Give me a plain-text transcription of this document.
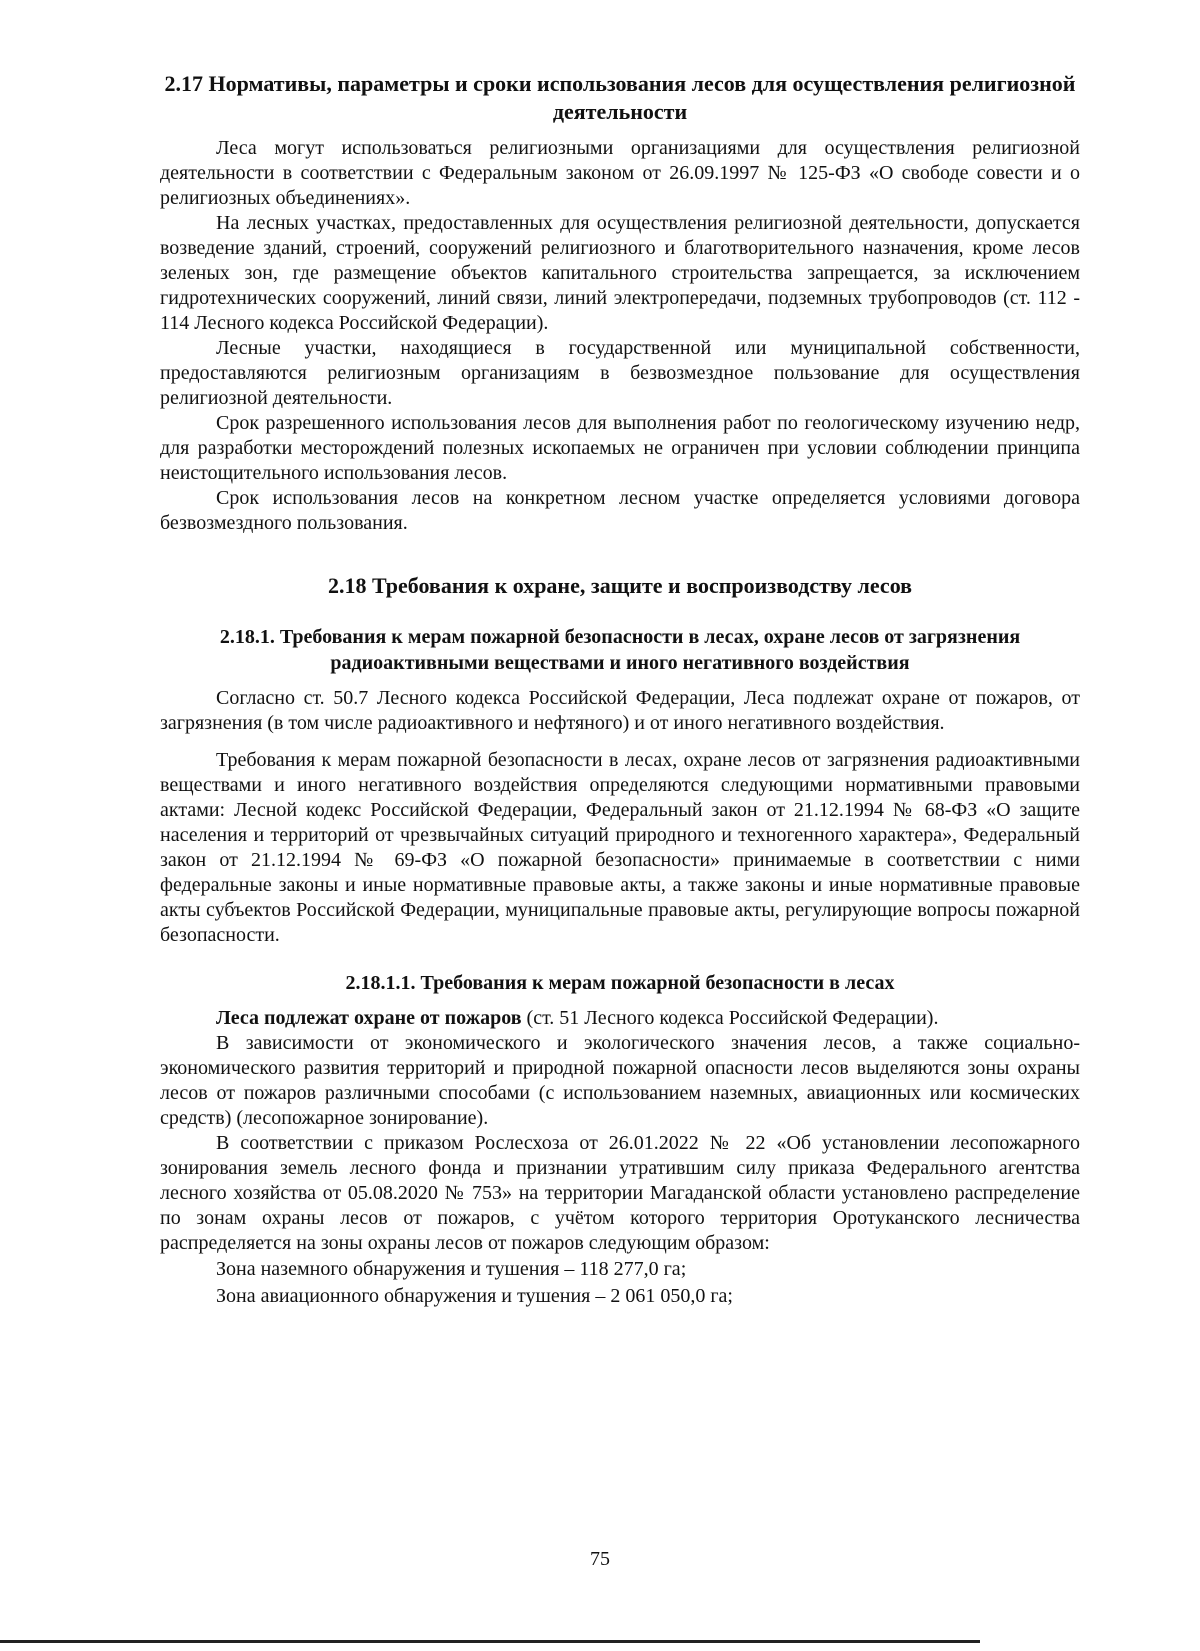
2.17 Нормативы, параметры и сроки использования лесов для осуществления религиозной деятельности

Леса могут использоваться религиозными организациями для осуществления религиозной деятельности в соответствии с Федеральным законом от 26.09.1997 № 125-ФЗ «О свободе совести и о религиозных объединениях».

На лесных участках, предоставленных для осуществления религиозной деятельности, допускается возведение зданий, строений, сооружений религиозного и благотворительного назначения, кроме лесов зеленых зон, где размещение объектов капитального строительства запрещается, за исключением гидротехнических сооружений, линий связи, линий электропередачи, подземных трубопроводов (ст. 112 - 114 Лесного кодекса Российской Федерации).

Лесные участки, находящиеся в государственной или муниципальной собственности, предоставляются религиозным организациям в безвозмездное пользование для осуществления религиозной деятельности.

Срок разрешенного использования лесов для выполнения работ по геологическому изучению недр, для разработки месторождений полезных ископаемых не ограничен при условии соблюдении принципа неистощительного использования лесов.

Срок использования лесов на конкретном лесном участке определяется условиями договора безвозмездного пользования.

2.18 Требования к охране, защите и воспроизводству лесов
2.18.1. Требования к мерам пожарной безопасности в лесах, охране лесов от загрязнения радиоактивными веществами и иного негативного воздействия

Согласно ст. 50.7 Лесного кодекса Российской Федерации, Леса подлежат охране от пожаров, от загрязнения (в том числе радиоактивного и нефтяного) и от иного негативного воздействия.

Требования к мерам пожарной безопасности в лесах, охране лесов от загрязнения радиоактивными веществами и иного негативного воздействия определяются следующими нормативными правовыми актами: Лесной кодекс Российской Федерации, Федеральный закон от 21.12.1994 № 68-ФЗ «О защите населения и территорий от чрезвычайных ситуаций природного и техногенного характера», Федеральный закон от 21.12.1994 № 69-ФЗ «О пожарной безопасности» принимаемые в соответствии с ними федеральные законы и иные нормативные правовые акты, а также законы и иные нормативные правовые акты субъектов Российской Федерации, муниципальные правовые акты, регулирующие вопросы пожарной безопасности.

2.18.1.1. Требования к мерам пожарной безопасности в лесах

Леса подлежат охране от пожаров (ст. 51 Лесного кодекса Российской Федерации).

В зависимости от экономического и экологического значения лесов, а также социально-экономического развития территорий и природной пожарной опасности лесов выделяются зоны охраны лесов от пожаров различными способами (с использованием наземных, авиационных или космических средств) (лесопожарное зонирование).

В соответствии с приказом Рослесхоза от 26.01.2022 № 22 «Об установлении лесопожарного зонирования земель лесного фонда и признании утратившим силу приказа Федерального агентства лесного хозяйства от 05.08.2020 № 753» на территории Магаданской области установлено распределение по зонам охраны лесов от пожаров, с учётом которого территория Оротуканского лесничества распределяется на зоны охраны лесов от пожаров следующим образом:

Зона наземного обнаружения и тушения – 118 277,0 га;
Зона авиационного обнаружения и тушения – 2 061 050,0 га;
75
